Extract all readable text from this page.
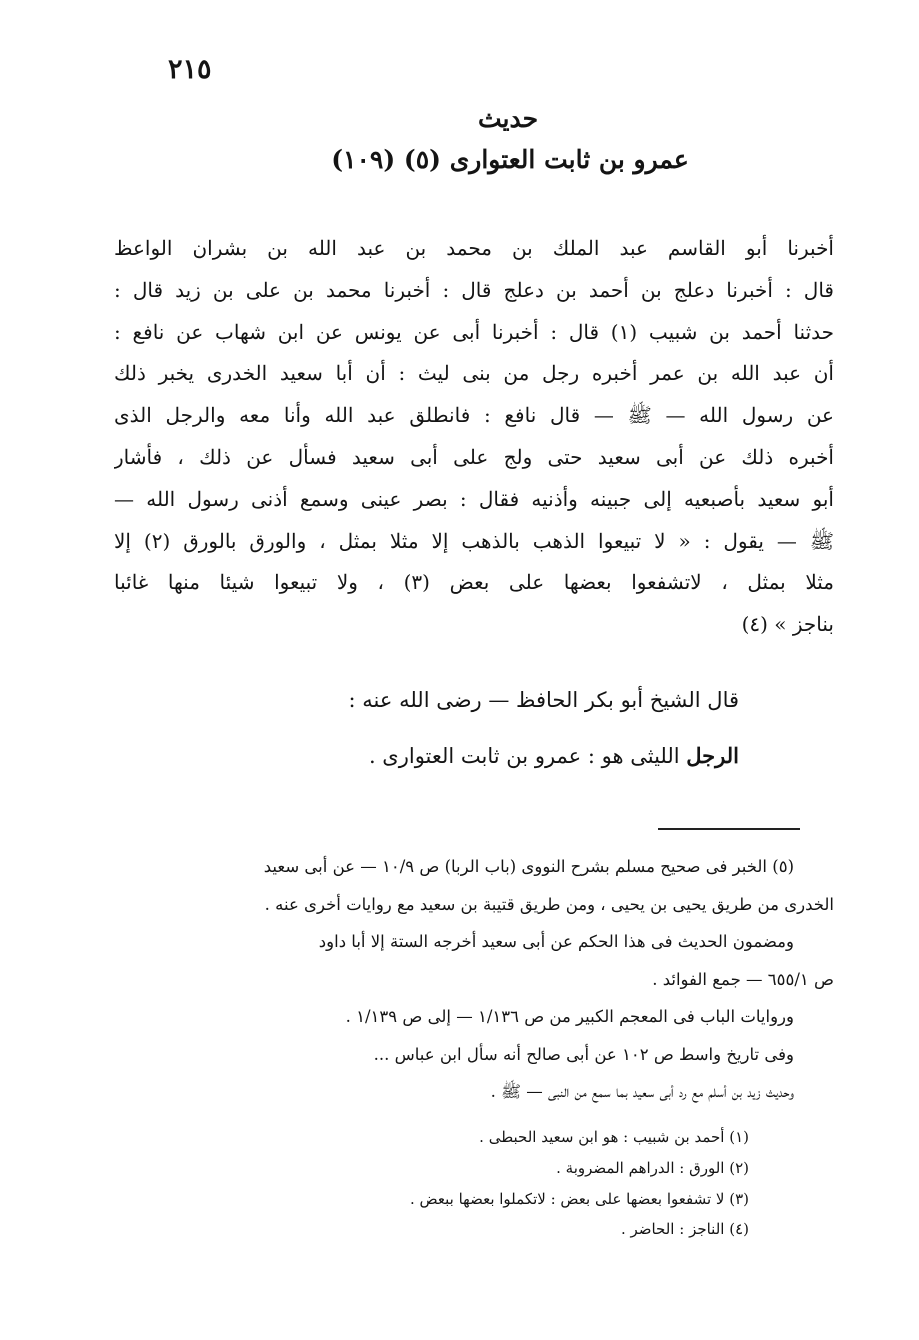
٢١٥
حديث
(١٠٩) عمرو بن ثابت العتوارى (٥)
أخبرنا أبو القاسم عبد الملك بن محمد بن عبد الله بن بشران الواعظ
قال : أخبرنا دعلج بن أحمد بن دعلج قال : أخبرنا محمد بن على بن زيد قال :
حدثنا أحمد بن شبيب (١) قال : أخبرنا أبى عن يونس عن ابن شهاب عن نافع :
أن عبد الله بن عمر أخبره رجل من بنى ليث : أن أبا سعيد الخدرى يخبر ذلك
عن رسول الله — ﷺ — قال نافع : فانطلق عبد الله وأنا معه والرجل الذى
أخبره ذلك عن أبى سعيد حتى ولج على أبى سعيد فسأل عن ذلك ، فأشار
أبو سعيد بأصبعيه إلى جبينه وأذنيه فقال : بصر عينى وسمع أذنى رسول الله —
ﷺ — يقول : « لا تبيعوا الذهب بالذهب إلا مثلا بمثل ، والورق بالورق (٢) إلا
مثلا بمثل ، لاتشفعوا بعضها على بعض (٣) ، ولا تبيعوا شيئا منها غائبا
بناجز » (٤)
قال الشيخ أبو بكر الحافظ — رضى الله عنه :
الرجل الليثى هو : عمرو بن ثابت العتوارى .
(٥) الخبر فى صحيح مسلم بشرح النووى (باب الربا) ص ١٠/٩ — عن أبى سعيد
الخدرى من طريق يحيى بن يحيى ، ومن طريق قتيبة بن سعيد مع روايات أخرى عنه .
ومضمون الحديث فى هذا الحكم عن أبى سعيد أخرجه الستة إلا أبا داود
ص ٦٥٥/١ — جمع الفوائد .
وروايات الباب فى المعجم الكبير من ص ١/١٣٦ — إلى ص ١/١٣٩ .
وفى تاريخ واسط ص ١٠٢ عن أبى صالح أنه سأل ابن عباس ...
وحديث زيد بن أسلم مع رد أبى سعيد بما سمع من النبى — ﷺ .
(١) أحمد بن شبيب : هو ابن سعيد الحبطى .
(٢) الورق : الدراهم المضروبة .
(٣) لا تشفعوا بعضها على بعض : لاتكملوا بعضها ببعض .
(٤) الناجز : الحاضر .
